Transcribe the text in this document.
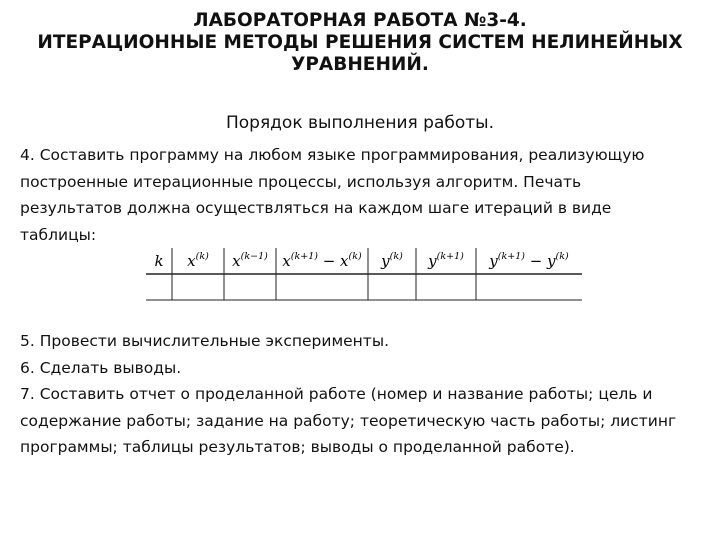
ЛАБОРАТОРНАЯ РАБОТА №3-4.
ИТЕРАЦИОННЫЕ МЕТОДЫ РЕШЕНИЯ СИСТЕМ НЕЛИНЕЙНЫХ
УРАВНЕНИЙ.
Порядок выполнения работы.
4. Составить программу на любом языке программирования, реализующую
построенные итерационные процессы, используя алгоритм. Печать
результатов должна осуществляться на каждом шаге итераций в виде
таблицы:
k $x^{(k)}$ $x^{(k-1)}$ $x^{(k+1)} - x^{(k)}$ $y^{(k)}$ $y^{(k+1)}$ $y^{(k+1)} - y^{(k)}$
5. Провести вычислительные эксперименты.
6. Сделать выводы.
7. Составить отчет о проделанной работе (номер и название работы; цель и
содержание работы; задание на работу; теоретическую часть работы; листинг
программы; таблицы результатов; выводы о проделанной работе).
